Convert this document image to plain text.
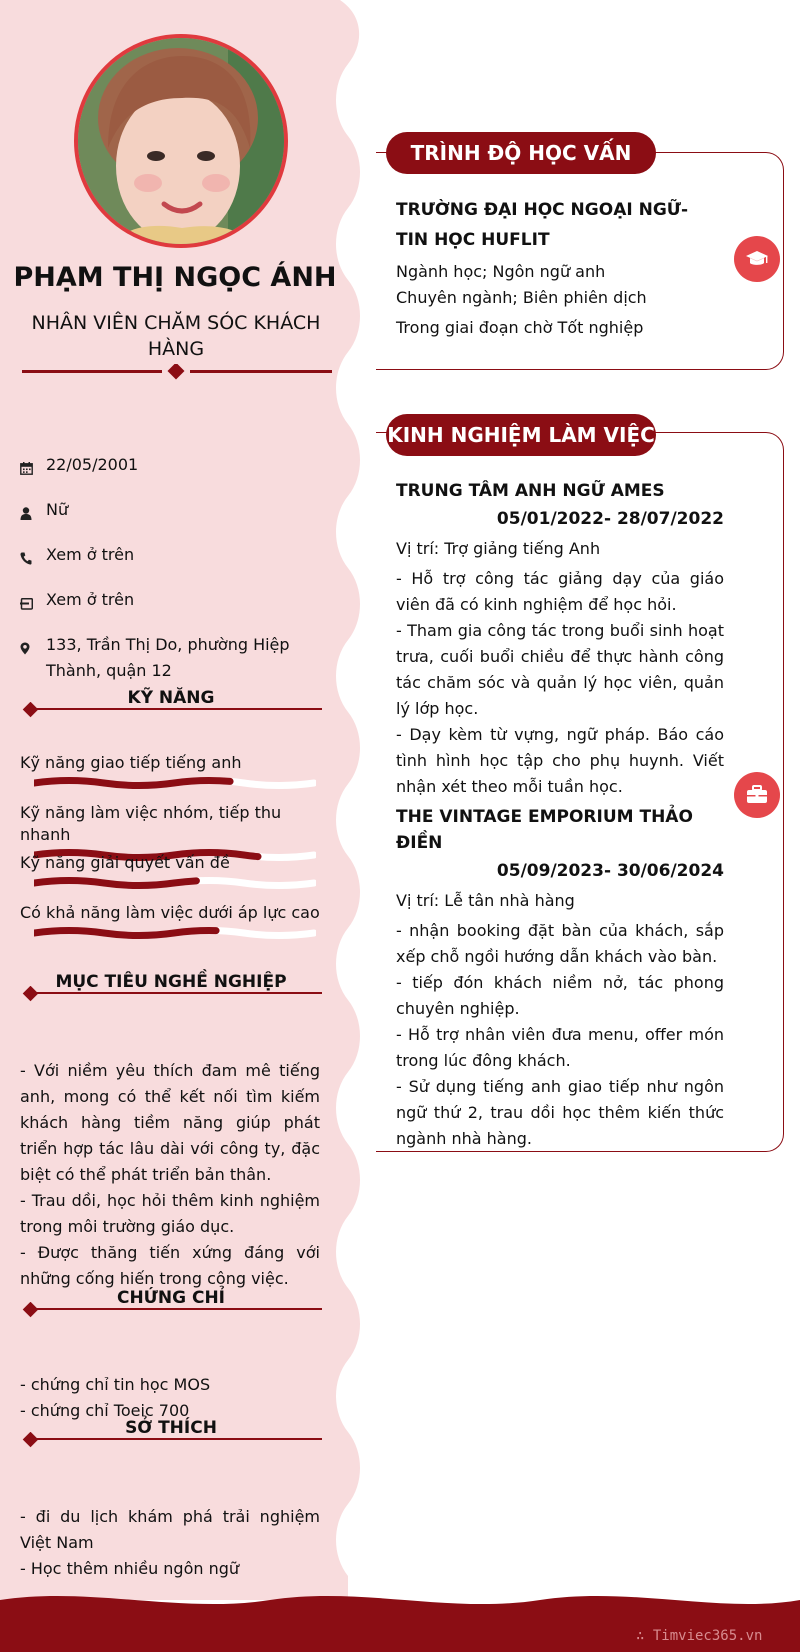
PHẠM THỊ NGỌC ÁNH
NHÂN VIÊN CHĂM SÓC KHÁCH HÀNG
22/05/2001
Nữ
Xem ở trên
Xem ở trên
133, Trần Thị Do, phường Hiệp Thành, quận 12
KỸ NĂNG
Kỹ năng giao tiếp tiếng anh
Kỹ năng làm việc nhóm, tiếp thu nhanh
Kỹ năng giải quyết vấn đề
Có khả năng làm việc dưới áp lực cao
MỤC TIÊU NGHỀ NGHIỆP
- Với niềm yêu thích đam mê tiếng anh, mong có thể kết nối tìm kiếm khách hàng tiềm năng giúp phát triển hợp tác lâu dài với công ty, đặc biệt có thể phát triển bản thân.
- Trau dồi, học hỏi thêm kinh nghiệm trong môi trường giáo dục.
- Được thăng tiến xứng đáng với những cống hiến trong công việc.
CHỨNG CHỈ
- chứng chỉ tin học MOS
- chứng chỉ Toeic 700
SỞ THÍCH
- đi du lịch khám phá trải nghiệm Việt Nam
- Học thêm nhiều ngôn ngữ
TRÌNH ĐỘ HỌC VẤN
TRƯỜNG ĐẠI HỌC NGOẠI NGỮ- TIN HỌC HUFLIT
Ngành học; Ngôn ngữ anh
Chuyên ngành; Biên phiên dịch
Trong giai đoạn chờ Tốt nghiệp
KINH NGHIỆM LÀM VIỆC
TRUNG TÂM ANH NGỮ AMES
05/01/2022- 28/07/2022
Vị trí: Trợ giảng tiếng Anh
- Hỗ trợ công tác giảng dạy của giáo viên đã có kinh nghiệm để học hỏi.
- Tham gia công tác trong buổi sinh hoạt trưa, cuối buổi chiều để thực hành công tác chăm sóc và quản lý học viên, quản lý lớp học.
- Dạy kèm từ vựng, ngữ pháp. Báo cáo tình hình học tập cho phụ huynh. Viết nhận xét theo mỗi tuần học.
THE VINTAGE EMPORIUM THẢO ĐIỀN
05/09/2023- 30/06/2024
Vị trí: Lễ tân nhà hàng
- nhận booking đặt bàn của khách, sắp xếp chỗ ngồi hướng dẫn khách vào bàn.
- tiếp đón khách niềm nở, tác phong chuyên nghiệp.
- Hỗ trợ nhân viên đưa menu, offer món trong lúc đông khách.
- Sử dụng tiếng anh giao tiếp như ngôn ngữ thứ 2, trau dồi học thêm kiến thức ngành nhà hàng.
∴ Timviec365.vn
